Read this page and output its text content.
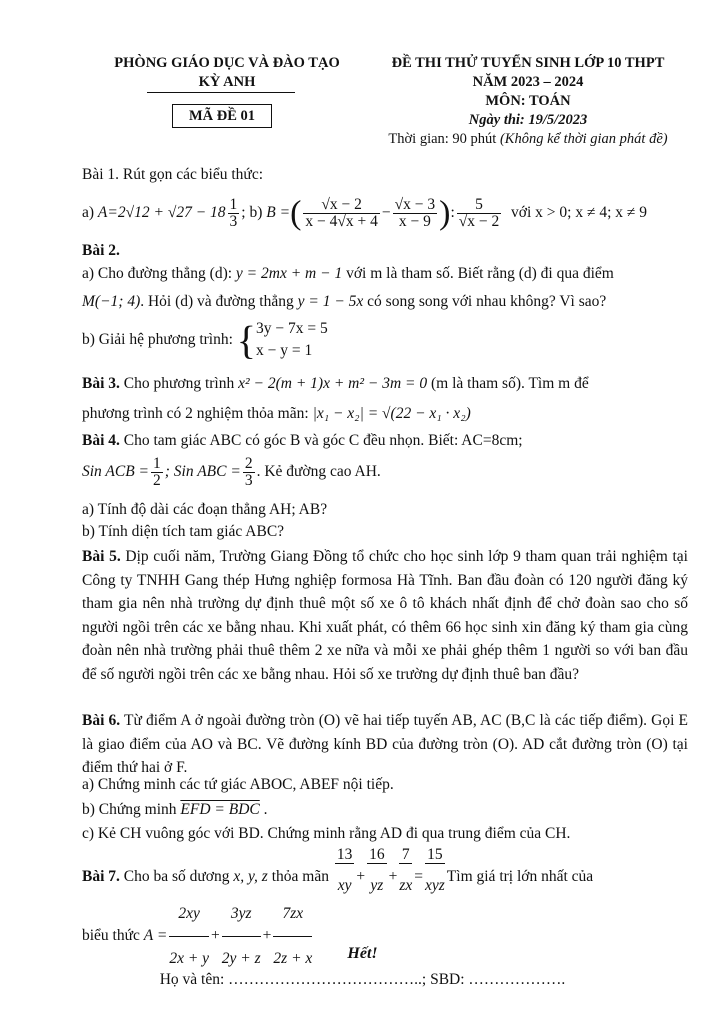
PHÒNG GIÁO DỤC VÀ ĐÀO TẠO
KỲ ANH
MÃ ĐỀ 01
ĐỀ THI THỬ TUYỂN SINH LỚP 10 THPT
NĂM 2023 – 2024
MÔN: TOÁN
Ngày thi: 19/5/2023
Thời gian: 90 phút (Không kể thời gian phát đề)
Bài 1. Rút gọn các biểu thức:
a) $A=2√12 + √27 - 18 \frac{1}{3}$ ; b) B =( $\frac{√x - 2}{x - 4√x + 4} - \frac{√x - 3}{x - 9}$ ): $\frac{5}{√x - 2}$ với x > 0; x ≠ 4; x ≠ 9
Bài 2.
a) Cho đường thẳng (d): y = 2mx + m − 1 với m là tham số. Biết rằng (d) đi qua điểm
M(−1; 4). Hỏi (d) và đường thẳng y = 1 − 5x có song song với nhau không? Vì sao?
b) Giải hệ phương trình: { 3y − 7x = 5
x − y = 1
Bài 3. Cho phương trình x² − 2(m + 1)x + m² − 3m = 0 (m là tham số). Tìm m để
phương trình có 2 nghiệm thỏa mãn: |x₁ − x₂| = √(22 − x₁ · x₂)
Bài 4. Cho tam giác ABC có góc B và góc C đều nhọn. Biết: AC=8cm;
Sin ACB = $\frac{1}{2}$ ; Sin ABC = $\frac{2}{3}$ . Kẻ đường cao AH.
a) Tính độ dài các đoạn thẳng AH; AB?
b) Tính diện tích tam giác ABC?
Bài 5. Dịp cuối năm, Trường Giang Đồng tổ chức cho học sinh lớp 9 tham quan trải nghiệm tại Công ty TNHH Gang thép Hưng nghiệp formosa Hà Tĩnh. Ban đầu đoàn có 120 người đăng ký tham gia nên nhà trường dự định thuê một số xe ô tô khách nhất định để chở đoàn sao cho số người ngồi trên các xe bằng nhau. Khi xuất phát, có thêm 66 học sinh xin đăng ký tham gia cùng đoàn nên nhà trường phải thuê thêm 2 xe nữa và mỗi xe phải ghép thêm 1 người so với ban đầu để số người ngồi trên các xe bằng nhau. Hỏi số xe trường dự định thuê ban đầu?
Bài 6. Từ điểm A ở ngoài đường tròn (O) vẽ hai tiếp tuyến AB, AC (B,C là các tiếp điểm). Gọi E là giao điểm của AO và BC. Vẽ đường kính BD của đường tròn (O). AD cắt đường tròn (O) tại điểm thứ hai ở F.
a) Chứng minh các tứ giác ABOC, ABEF nội tiếp.
b) Chứng minh EFD = BDC .
c) Kẻ CH vuông góc với BD. Chứng minh rằng AD đi qua trung điểm của CH.
Bài 7. Cho ba số dương x, y, z thỏa mãn $\frac{13}{xy} + \frac{16}{yz} + \frac{7}{zx} = \frac{15}{\text{xyz}}$ Tìm giá trị lớn nhất của
biểu thức $A = \frac{2xy}{2x + y} + \frac{3yz}{2y + z} + \frac{7zx}{2z + x}$	Hết!
Họ và tên: ………………………………..; SBD: ……………….
